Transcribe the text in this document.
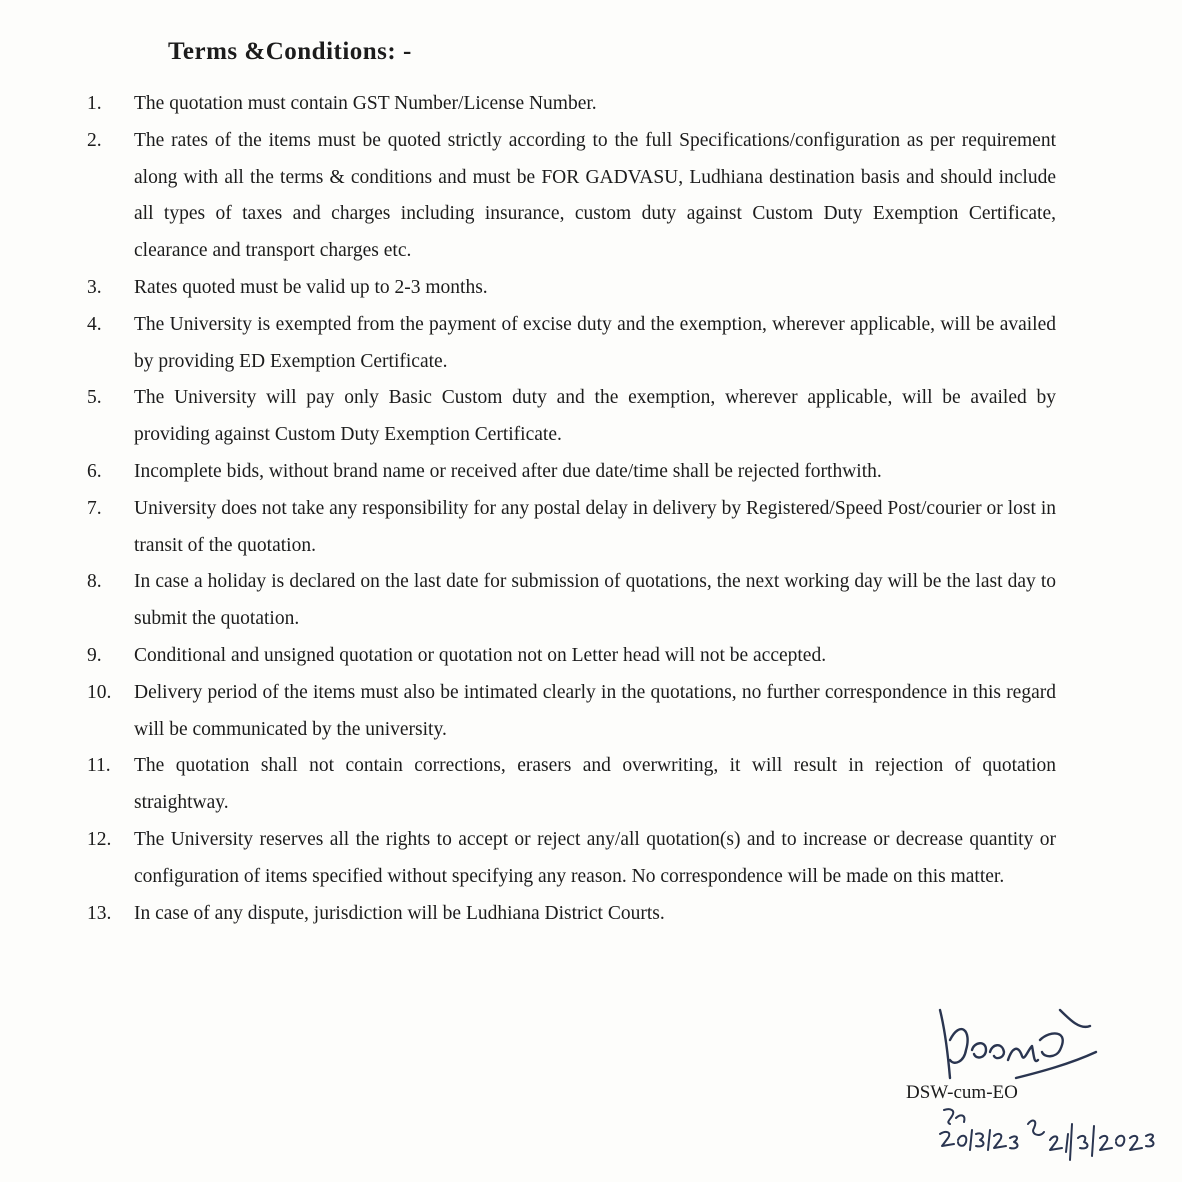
Terms &Conditions: -
1. The quotation must contain GST Number/License Number.
2. The rates of the items must be quoted strictly according to the full Specifications/configuration as per requirement along with all the terms & conditions and must be FOR GADVASU, Ludhiana destination basis and should include all types of taxes and charges including insurance, custom duty against Custom Duty Exemption Certificate, clearance and transport charges etc.
3. Rates quoted must be valid up to 2-3 months.
4. The University is exempted from the payment of excise duty and the exemption, wherever applicable, will be availed by providing ED Exemption Certificate.
5. The University will pay only Basic Custom duty and the exemption, wherever applicable, will be availed by providing against Custom Duty Exemption Certificate.
6. Incomplete bids, without brand name or received after due date/time shall be rejected forthwith.
7. University does not take any responsibility for any postal delay in delivery by Registered/Speed Post/courier or lost in transit of the quotation.
8. In case a holiday is declared on the last date for submission of quotations, the next working day will be the last day to submit the quotation.
9. Conditional and unsigned quotation or quotation not on Letter head will not be accepted.
10. Delivery period of the items must also be intimated clearly in the quotations, no further correspondence in this regard will be communicated by the university.
11. The quotation shall not contain corrections, erasers and overwriting, it will result in rejection of quotation straightway.
12. The University reserves all the rights to accept or reject any/all quotation(s) and to increase or decrease quantity or configuration of items specified without specifying any reason. No correspondence will be made on this matter.
13. In case of any dispute, jurisdiction will be Ludhiana District Courts.

DSW-cum-EO
